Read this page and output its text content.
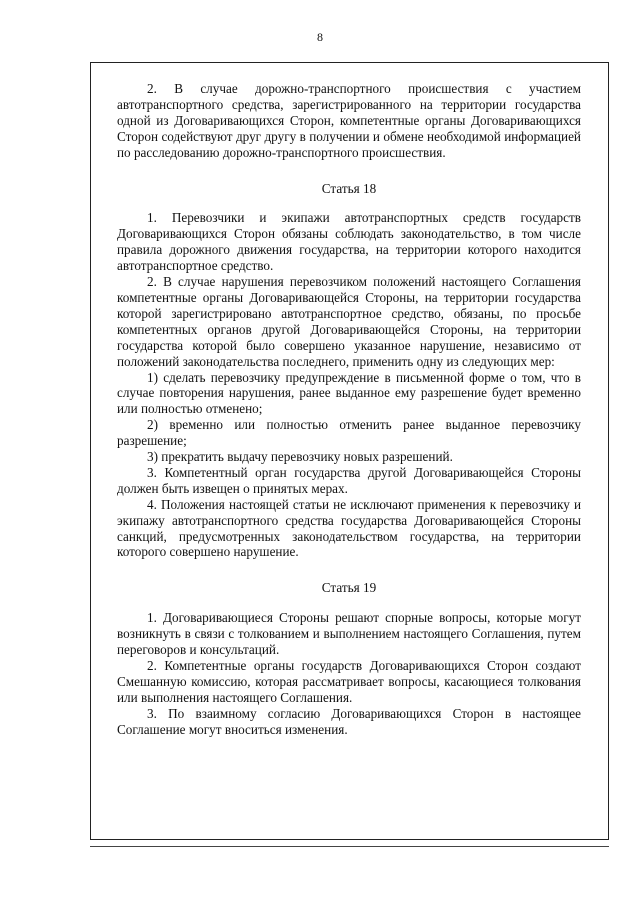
8

2. В случае дорожно-транспортного происшествия с участием автотранспортного средства, зарегистрированного на территории государства одной из Договаривающихся Сторон, компетентные органы Договаривающихся Сторон содействуют друг другу в получении и обмене необходимой информацией по расследованию дорожно-транспортного происшествия.

Статья 18

1. Перевозчики и экипажи автотранспортных средств государств Договаривающихся Сторон обязаны соблюдать законодательство, в том числе правила дорожного движения государства, на территории которого находится автотранспортное средство.

2. В случае нарушения перевозчиком положений настоящего Соглашения компетентные органы Договаривающейся Стороны, на территории государства которой зарегистрировано автотранспортное средство, обязаны, по просьбе компетентных органов другой Договаривающейся Стороны, на территории государства которой было совершено указанное нарушение, независимо от положений законодательства последнего, применить одну из следующих мер:

1) сделать перевозчику предупреждение в письменной форме о том, что в случае повторения нарушения, ранее выданное ему разрешение будет временно или полностью отменено;

2) временно или полностью отменить ранее выданное перевозчику разрешение;

3) прекратить выдачу перевозчику новых разрешений.

3. Компетентный орган государства другой Договаривающейся Стороны должен быть извещен о принятых мерах.

4. Положения настоящей статьи не исключают применения к перевозчику и экипажу автотранспортного средства государства Договаривающейся Стороны санкций, предусмотренных законодательством государства, на территории которого совершено нарушение.

Статья 19

1. Договаривающиеся Стороны решают спорные вопросы, которые могут возникнуть в связи с толкованием и выполнением настоящего Соглашения, путем переговоров и консультаций.

2. Компетентные органы государств Договаривающихся Сторон создают Смешанную комиссию, которая рассматривает вопросы, касающиеся толкования или выполнения настоящего Соглашения.

3. По взаимному согласию Договаривающихся Сторон в настоящее Соглашение могут вноситься изменения.
